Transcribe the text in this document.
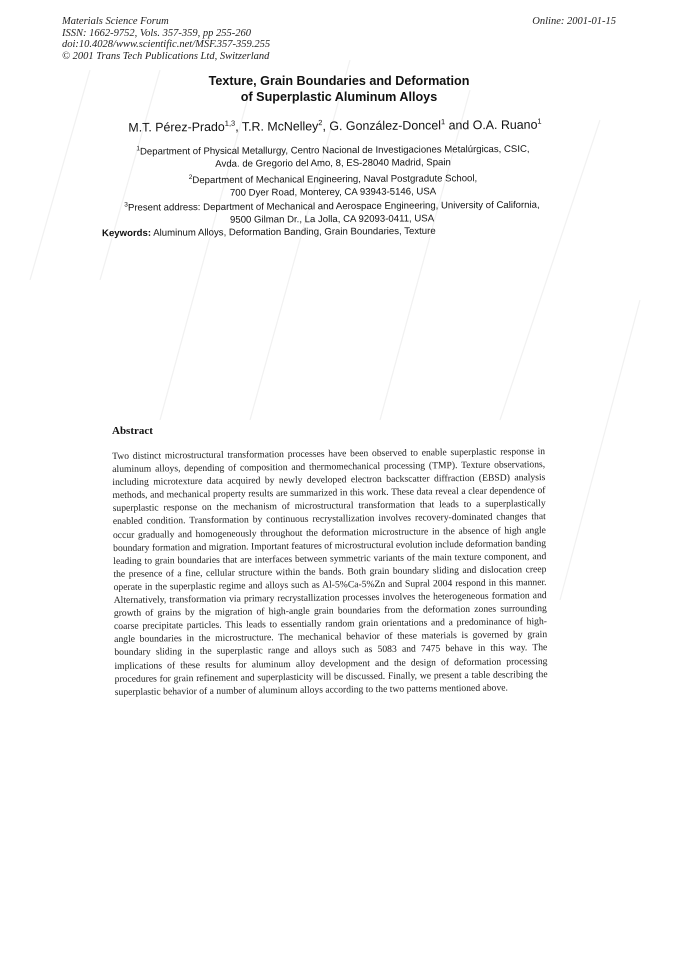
Materials Science Forum
ISSN: 1662-9752, Vols. 357-359, pp 255-260
doi:10.4028/www.scientific.net/MSF.357-359.255
© 2001 Trans Tech Publications Ltd, Switzerland
Online: 2001-01-15
Texture, Grain Boundaries and Deformation
of Superplastic Aluminum Alloys
M.T. Pérez-Prado$^{1,3}$, T.R. McNelley$^2$, G. González-Doncel$^1$ and O.A. Ruano$^1$
$^1$Department of Physical Metallurgy, Centro Nacional de Investigaciones Metalúrgicas, CSIC,
Avda. de Gregorio del Amo, 8, ES-28040 Madrid, Spain
$^2$Department of Mechanical Engineering, Naval Postgradute School,
700 Dyer Road, Monterey, CA 93943-5146, USA
$^3$Present address: Department of Mechanical and Aerospace Engineering, University of California,
9500 Gilman Dr., La Jolla, CA 92093-0411, USA
Keywords: Aluminum Alloys, Deformation Banding, Grain Boundaries, Texture
Abstract

Two distinct microstructural transformation processes have been observed to enable superplastic response in aluminum alloys, depending of composition and thermomechanical processing (TMP). Texture observations, including microtexture data acquired by newly developed electron backscatter diffraction (EBSD) analysis methods, and mechanical property results are summarized in this work. These data reveal a clear dependence of superplastic response on the mechanism of microstructural transformation that leads to a superplastically enabled condition. Transformation by continuous recrystallization involves recovery-dominated changes that occur gradually and homogeneously throughout the deformation microstructure in the absence of high angle boundary formation and migration. Important features of microstructural evolution include deformation banding leading to grain boundaries that are interfaces between symmetric variants of the main texture component, and the presence of a fine, cellular structure within the bands. Both grain boundary sliding and dislocation creep operate in the superplastic regime and alloys such as Al-5%Ca-5%Zn and Supral 2004 respond in this manner. Alternatively, transformation via primary recrystallization processes involves the heterogeneous formation and growth of grains by the migration of high-angle grain boundaries from the deformation zones surrounding coarse precipitate particles. This leads to essentially random grain orientations and a predominance of high-angle boundaries in the microstructure. The mechanical behavior of these materials is governed by grain boundary sliding in the superplastic range and alloys such as 5083 and 7475 behave in this way. The implications of these results for aluminum alloy development and the design of deformation processing procedures for grain refinement and superplasticity will be discussed. Finally, we present a table describing the superplastic behavior of a number of aluminum alloys according to the two patterns mentioned above.
